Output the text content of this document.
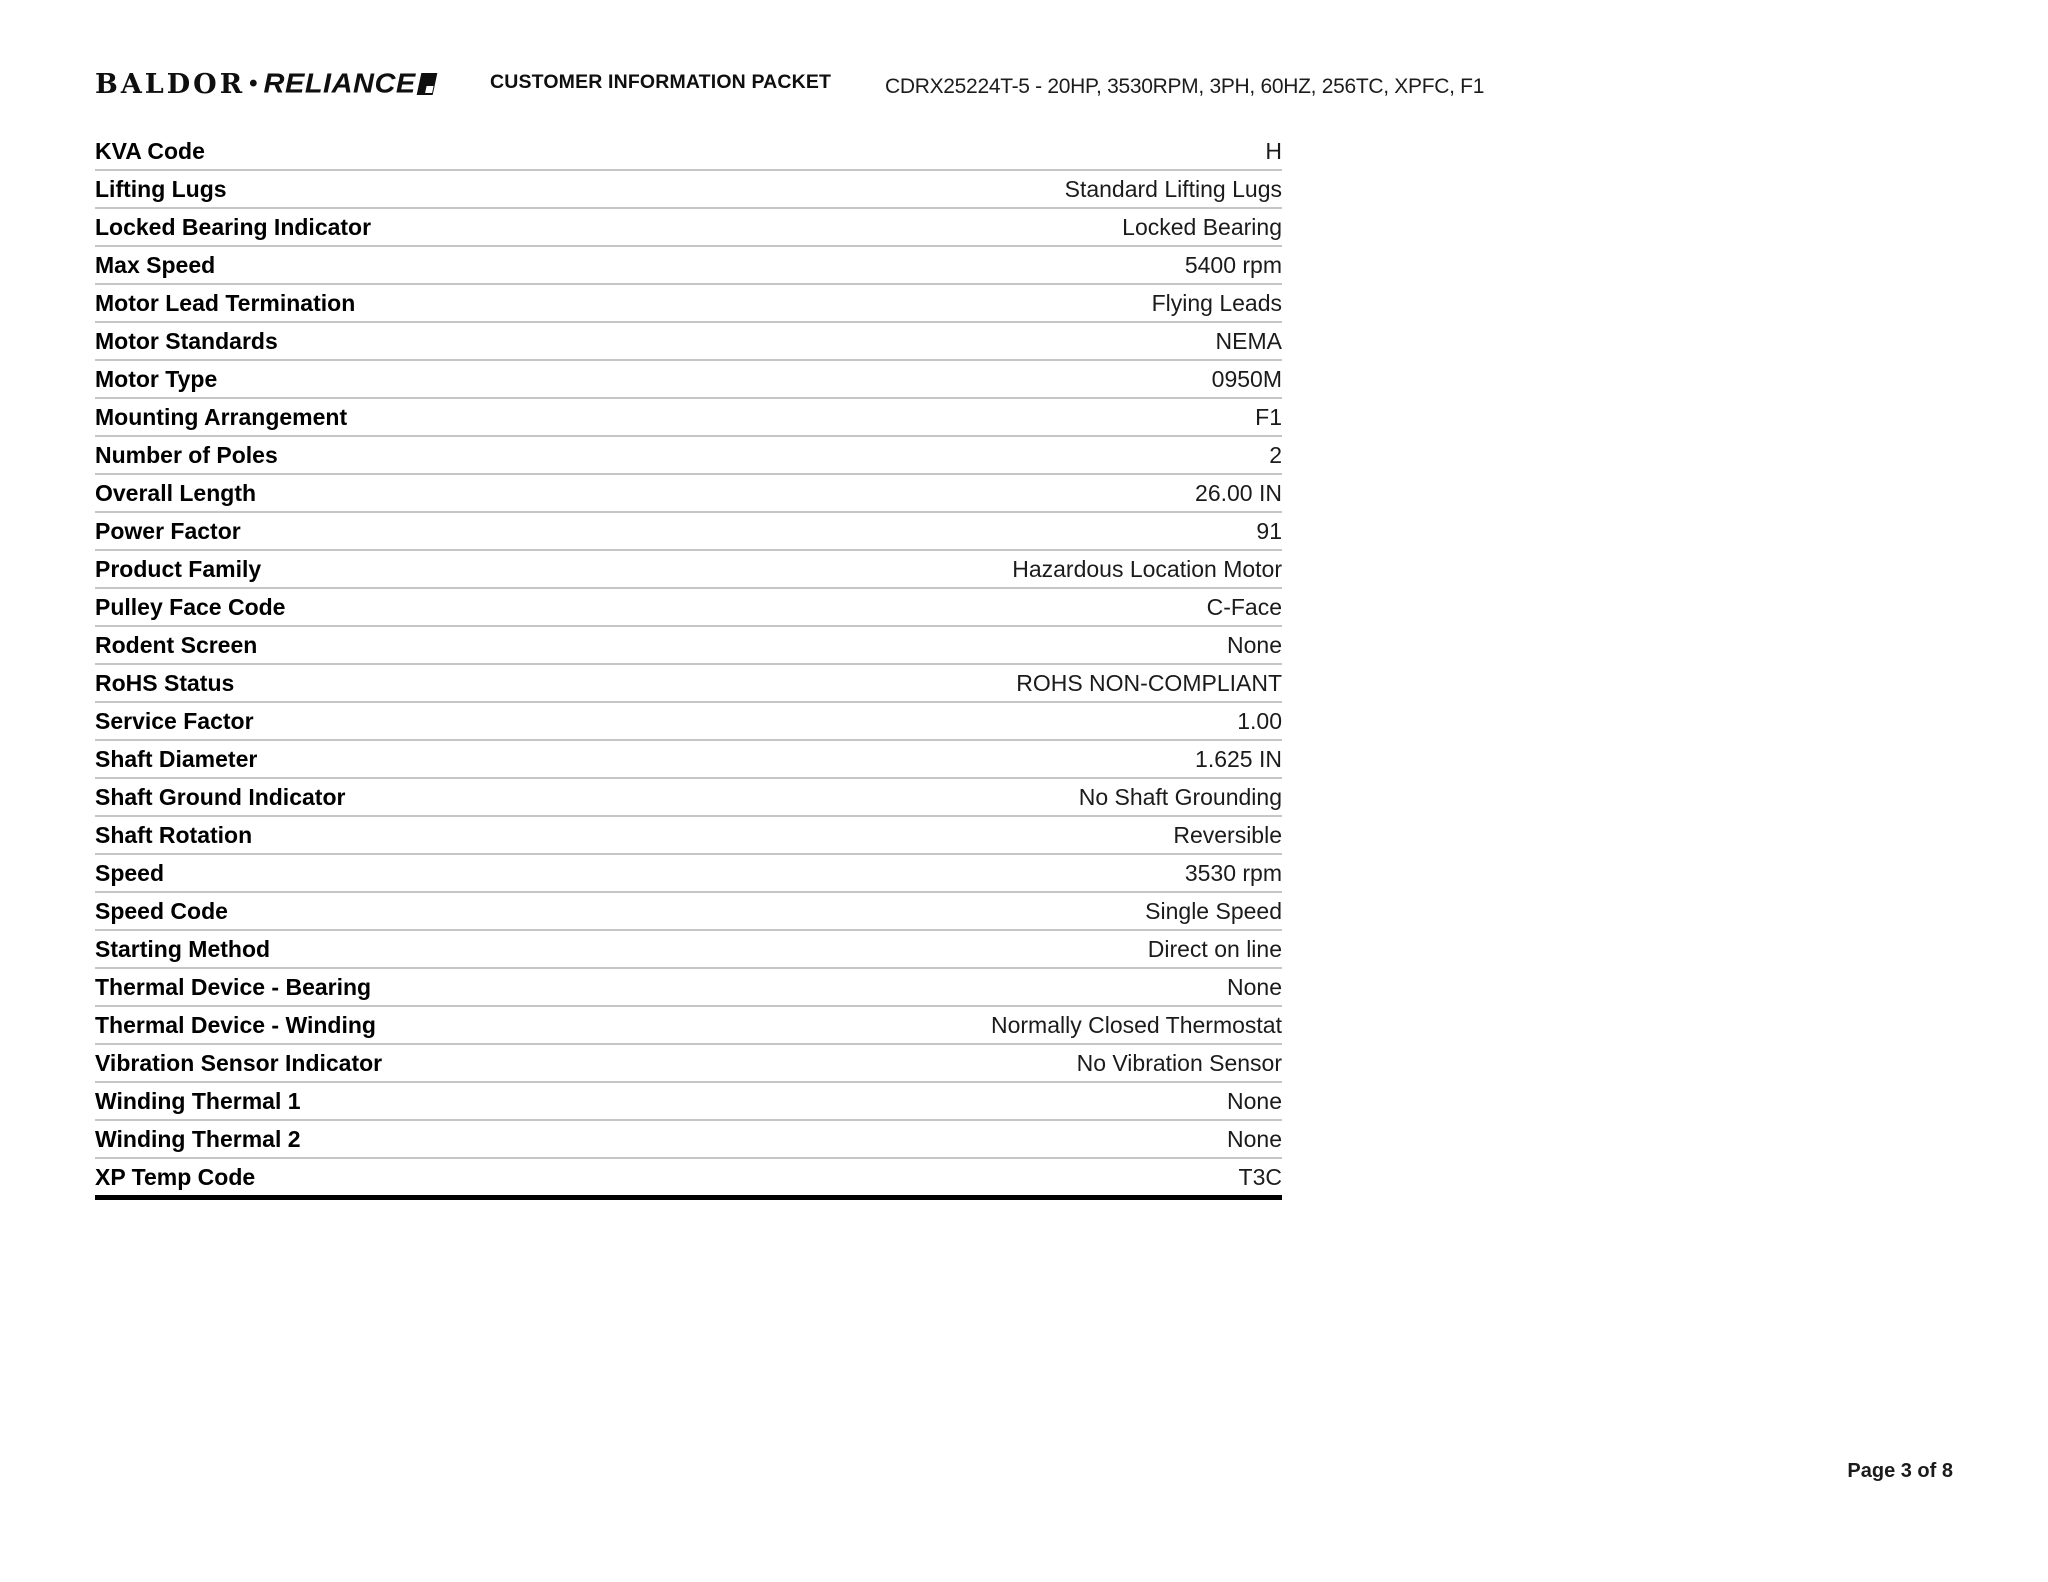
BALDOR • RELIANCE	CUSTOMER INFORMATION PACKET	CDRX25224T-5 - 20HP, 3530RPM, 3PH, 60HZ, 256TC, XPFC, F1
KVA Code	H
Lifting Lugs	Standard Lifting Lugs
Locked Bearing Indicator	Locked Bearing
Max Speed	5400 rpm
Motor Lead Termination	Flying Leads
Motor Standards	NEMA
Motor Type	0950M
Mounting Arrangement	F1
Number of Poles	2
Overall Length	26.00 IN
Power Factor	91
Product Family	Hazardous Location Motor
Pulley Face Code	C-Face
Rodent Screen	None
RoHS Status	ROHS NON-COMPLIANT
Service Factor	1.00
Shaft Diameter	1.625 IN
Shaft Ground Indicator	No Shaft Grounding
Shaft Rotation	Reversible
Speed	3530 rpm
Speed Code	Single Speed
Starting Method	Direct on line
Thermal Device - Bearing	None
Thermal Device - Winding	Normally Closed Thermostat
Vibration Sensor Indicator	No Vibration Sensor
Winding Thermal 1	None
Winding Thermal 2	None
XP Temp Code	T3C
Page 3 of 8
